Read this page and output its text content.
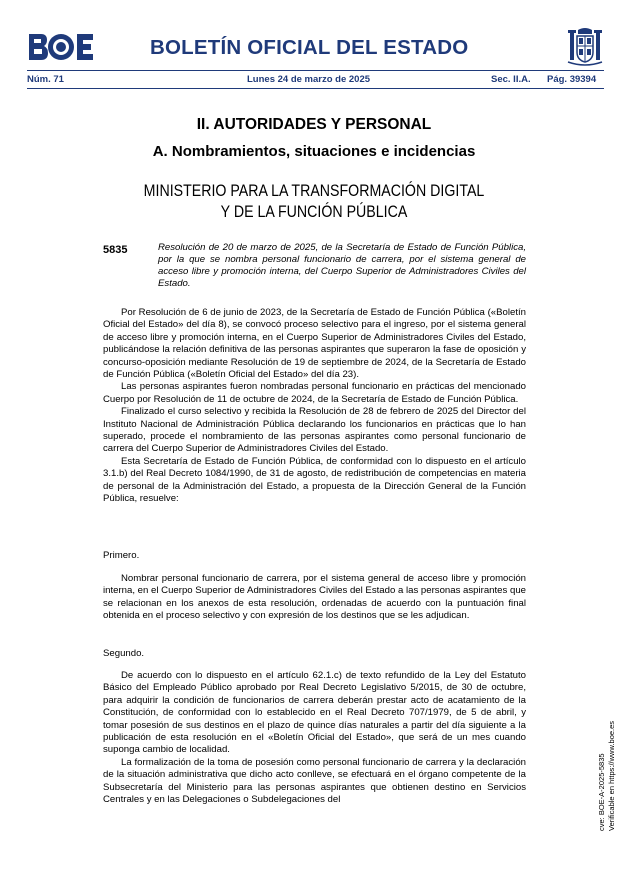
BOLETÍN OFICIAL DEL ESTADO
Núm. 71	Lunes 24 de marzo de 2025	Sec. II.A. Pág. 39394
II. AUTORIDADES Y PERSONAL
A. Nombramientos, situaciones e incidencias
MINISTERIO PARA LA TRANSFORMACIÓN DIGITAL
Y DE LA FUNCIÓN PÚBLICA
5835	Resolución de 20 de marzo de 2025, de la Secretaría de Estado de Función Pública, por la que se nombra personal funcionario de carrera, por el sistema general de acceso libre y promoción interna, del Cuerpo Superior de Administradores Civiles del Estado.

Por Resolución de 6 de junio de 2023, de la Secretaría de Estado de Función Pública («Boletín Oficial del Estado» del día 8), se convocó proceso selectivo para el ingreso, por el sistema general de acceso libre y promoción interna, en el Cuerpo Superior de Administradores Civiles del Estado, publicándose la relación definitiva de las personas aspirantes que superaron la fase de oposición y concurso-oposición mediante Resolución de 19 de septiembre de 2024, de la Secretaría de Estado de Función Pública («Boletín Oficial del Estado» del día 23).

Las personas aspirantes fueron nombradas personal funcionario en prácticas del mencionado Cuerpo por Resolución de 11 de octubre de 2024, de la Secretaría de Estado de Función Pública.

Finalizado el curso selectivo y recibida la Resolución de 28 de febrero de 2025 del Director del Instituto Nacional de Administración Pública declarando los funcionarios en prácticas que lo han superado, procede el nombramiento de las personas aspirantes como personal funcionario de carrera del Cuerpo Superior de Administradores Civiles del Estado.

Esta Secretaría de Estado de Función Pública, de conformidad con lo dispuesto en el artículo 3.1.b) del Real Decreto 1084/1990, de 31 de agosto, de redistribución de competencias en materia de personal de la Administración del Estado, a propuesta de la Dirección General de la Función Pública, resuelve:

Primero.

Nombrar personal funcionario de carrera, por el sistema general de acceso libre y promoción interna, en el Cuerpo Superior de Administradores Civiles del Estado a las personas aspirantes que se relacionan en los anexos de esta resolución, ordenadas de acuerdo con la puntuación final obtenida en el proceso selectivo y con expresión de los destinos que se les adjudican.

Segundo.

De acuerdo con lo dispuesto en el artículo 62.1.c) de texto refundido de la Ley del Estatuto Básico del Empleado Público aprobado por Real Decreto Legislativo 5/2015, de 30 de octubre, para adquirir la condición de funcionarios de carrera deberán prestar acto de acatamiento de la Constitución, de conformidad con lo establecido en el Real Decreto 707/1979, de 5 de abril, y tomar posesión de sus destinos en el plazo de quince días naturales a partir del día siguiente a la publicación de esta resolución en el «Boletín Oficial del Estado», que será de un mes cuando suponga cambio de localidad.

La formalización de la toma de posesión como personal funcionario de carrera y la declaración de la situación administrativa que dicho acto conlleve, se efectuará en el órgano competente de la Subsecretaría del Ministerio para las personas aspirantes que obtienen destino en Servicios Centrales y en las Delegaciones o Subdelegaciones del	cve: BOE-A-2025-5835 Verificable en https://www.boe.es
